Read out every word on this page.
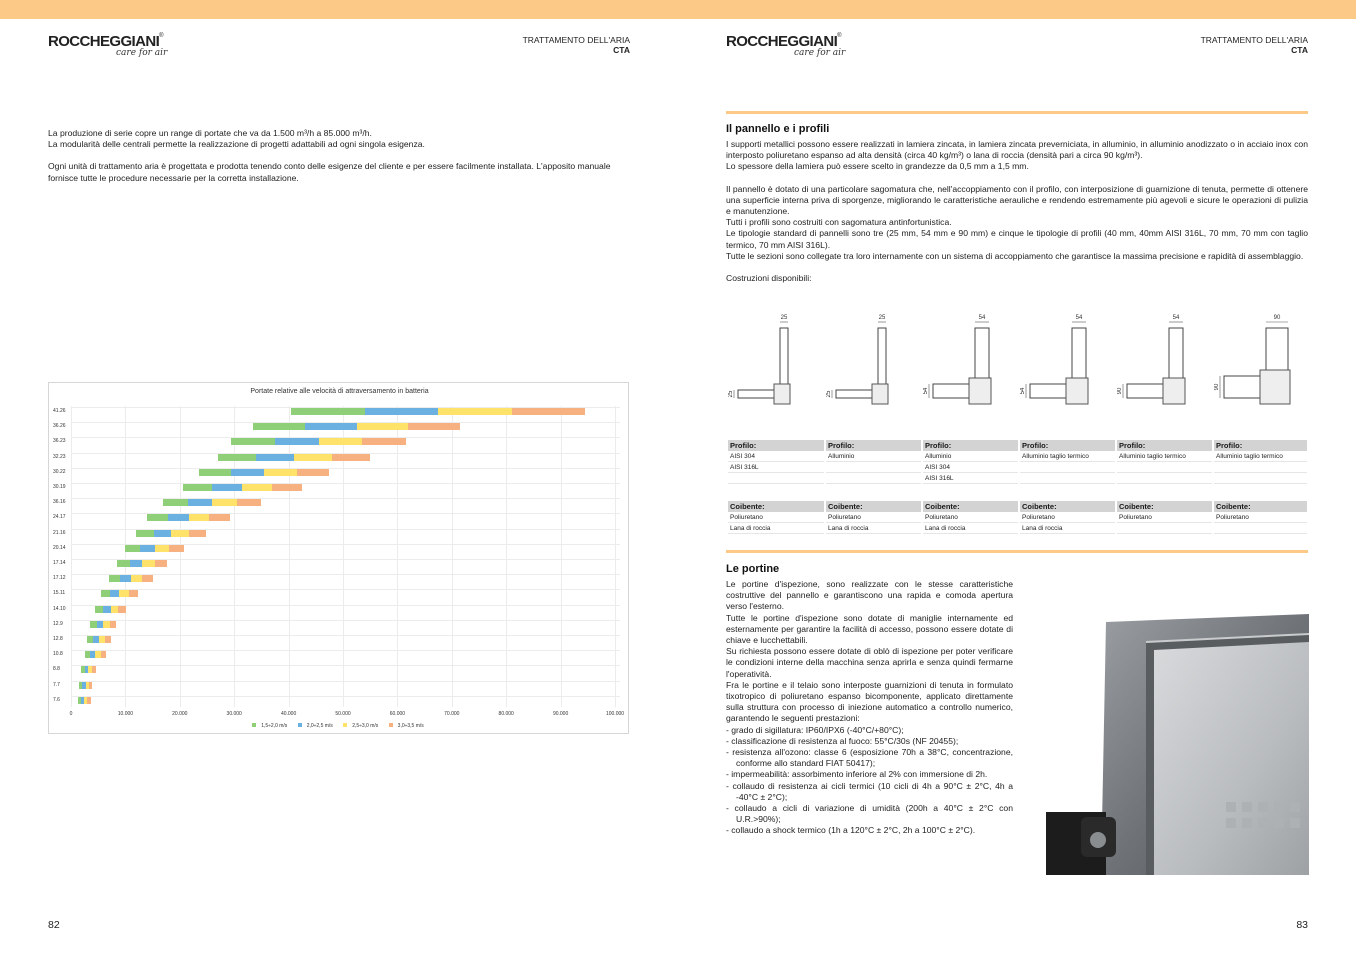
ROCCHEGGIANI®
care for air
TRATTAMENTO DELL'ARIA
CTA

La produzione di serie copre un range di portate che va da 1.500 m³/h a 85.000 m³/h.

La modularità delle centrali permette la realizzazione di progetti adattabili ad ogni singola esigenza.

Ogni unità di trattamento aria è progettata e prodotta tenendo conto delle esigenze del cliente e per essere facilmente installata. L'apposito manuale fornisce tutte le procedure necessarie per la corretta installazione.

Portate relative alle velocità di attraversamento in batteria
1,5÷2,0 m/s	2,0÷2,5 m/s	2,5÷3,0 m/s	3,0÷3,5 m/s
0	10.000	20.000	30.000	40.000	50.000	60.000	70.000	80.000	90.000	100.000
41.26
36.26
36.23
32.23
30.22
30.19
36.16
24.17
21.16
20.14
17.14
17.12
15.11
14.10
12.9
12.8
10.8
8.8
7.7
7.6
82
ROCCHEGGIANI®
care for air
TRATTAMENTO DELL'ARIA
CTA
Il pannello e i profili

I supporti metallici possono essere realizzati in lamiera zincata, in lamiera zincata preverniciata, in alluminio, in alluminio anodizzato o in acciaio inox con interposto poliuretano espanso ad alta densità (circa 40 kg/m³) o lana di roccia (densità pari a circa 90 kg/m³).

Lo spessore della lamiera può essere scelto in grandezze da 0,5 mm a 1,5 mm.

Il pannello è dotato di una particolare sagomatura che, nell'accoppiamento con il profilo, con interposizione di guarnizione di tenuta, permette di ottenere una superficie interna priva di sporgenze, migliorando le caratteristiche aerauliche e rendendo estremamente più agevoli e sicure le operazioni di pulizia e manutenzione.

Tutti i profili sono costruiti con sagomatura antinfortunistica.

Le tipologie standard di pannelli sono tre (25 mm, 54 mm e 90 mm) e cinque le tipologie di profili (40 mm, 40mm AISI 316L, 70 mm, 70 mm con taglio termico, 70 mm AISI 316L).

Tutte le sezioni sono collegate tra loro internamente con un sistema di accoppiamento che garantisce la massima precisione e rapidità di assemblaggio.

Costruzioni disponibili:

25
25
25
25
54
54
54
54
54
90
90
90
Profilo:	Profilo:	Profilo:	Profilo:	Profilo:	Profilo:
AISI 304	Alluminio	Alluminio	Alluminio taglio termico	Alluminio taglio termico	Alluminio taglio termico
AISI 316L		AISI 304			
		AISI 316L			
Coibente:	Coibente:	Coibente:	Coibente:	Coibente:	Coibente:
Poliuretano	Poliuretano	Poliuretano	Poliuretano	Poliuretano	Poliuretano
Lana di roccia	Lana di roccia	Lana di roccia	Lana di roccia		
Le portine

Le portine d'ispezione, sono realizzate con le stesse caratteristiche costruttive del pannello e garantiscono una rapida e comoda apertura verso l'esterno.

Tutte le portine d'ispezione sono dotate di maniglie internamente ed esternamente per garantire la facilità di accesso, possono essere dotate di chiave e lucchettabili.

Su richiesta possono essere dotate di oblò di ispezione per poter verificare le condizioni interne della macchina senza aprirla e senza quindi fermarne l'operatività.

Fra le portine e il telaio sono interposte guarnizioni di tenuta in formulato tixotropico di poliuretano espanso bicomponente, applicato direttamente sulla struttura con processo di iniezione automatico a controllo numerico, garantendo le seguenti prestazioni:

- grado di sigillatura: IP60/IPX6 (-40°C/+80°C);
- classificazione di resistenza al fuoco: 55°C/30s (NF 20455);
- resistenza all'ozono: classe 6 (esposizione 70h a 38°C, concentrazione, conforme allo standard FIAT 50417);
- impermeabilità: assorbimento inferiore al 2% con immersione di 2h.
- collaudo di resistenza ai cicli termici (10 cicli di 4h a 90°C ± 2°C, 4h a -40°C ± 2°C);
- collaudo a cicli di variazione di umidità (200h a 40°C ± 2°C con U.R.>90%);
- collaudo a shock termico (1h a 120°C ± 2°C, 2h a 100°C ± 2°C).
83
